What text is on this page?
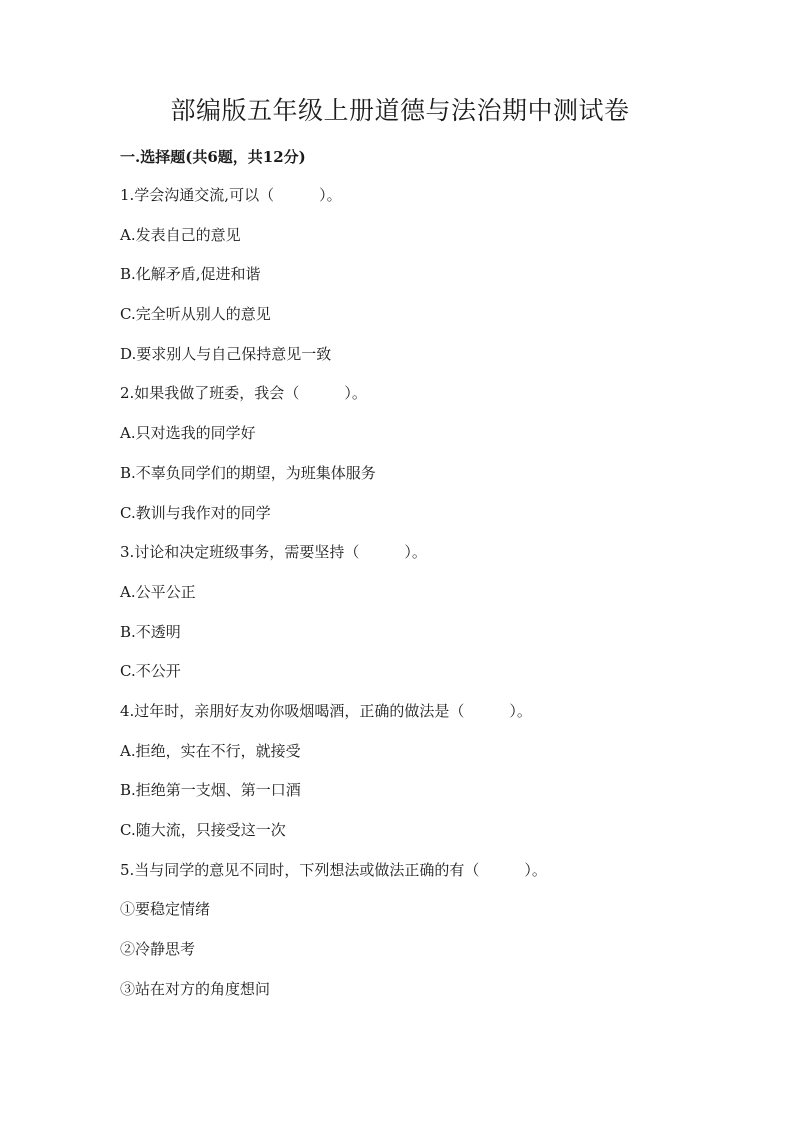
部编版五年级上册道德与法治期中测试卷
一.选择题(共6题，共12分)
1.学会沟通交流,可以（　　　）。
A.发表自己的意见
B.化解矛盾,促进和谐
C.完全听从别人的意见
D.要求别人与自己保持意见一致
2.如果我做了班委，我会（　　　）。
A.只对选我的同学好
B.不辜负同学们的期望，为班集体服务
C.教训与我作对的同学
3.讨论和决定班级事务，需要坚持（　　　）。
A.公平公正
B.不透明
C.不公开
4.过年时，亲朋好友劝你吸烟喝酒，正确的做法是（　　　）。
A.拒绝，实在不行，就接受
B.拒绝第一支烟、第一口酒
C.随大流，只接受这一次
5.当与同学的意见不同时，下列想法或做法正确的有（　　　）。
①要稳定情绪
②冷静思考
③站在对方的角度想问
